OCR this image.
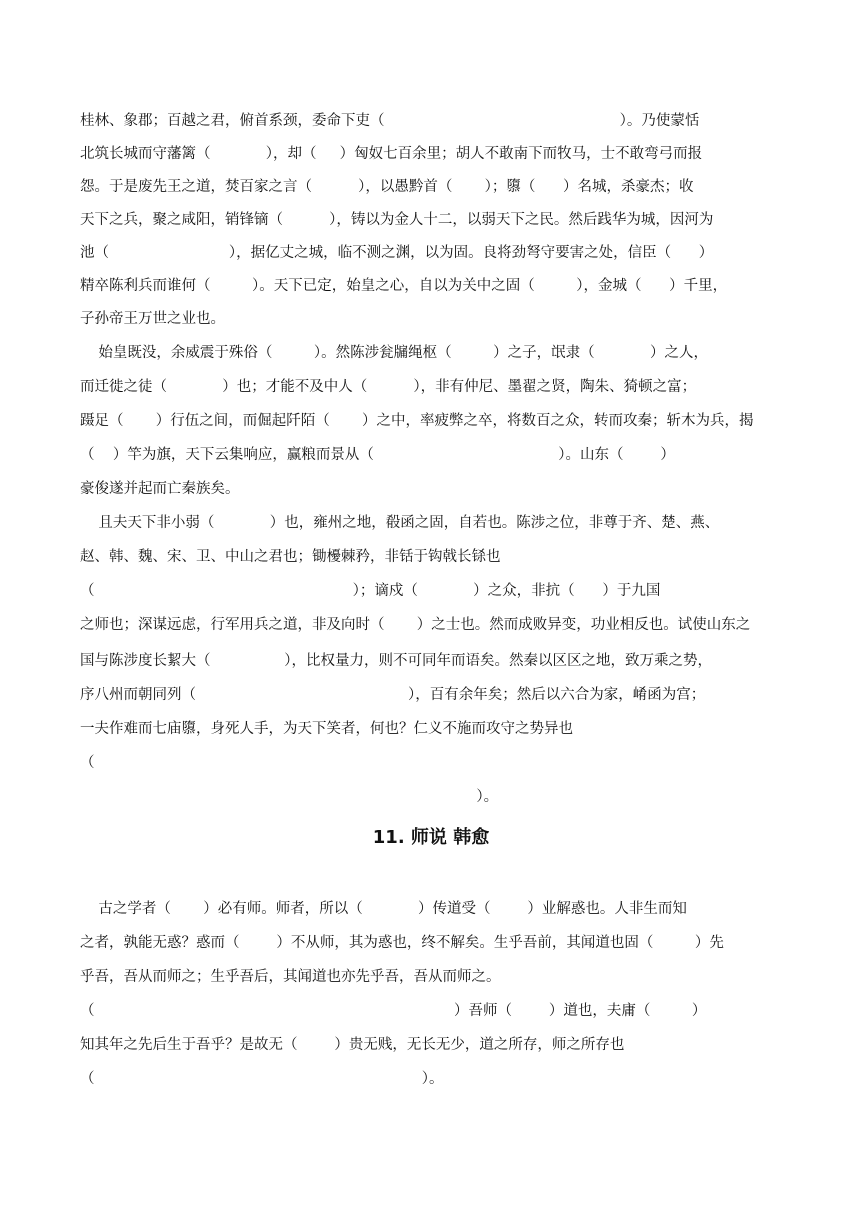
桂林、象郡；百越之君，俯首系颈，委命下吏（                                                   ）。乃使蒙恬
北筑长城而守藩篱（            ），却（     ）匈奴七百余里；胡人不敢南下而牧马，士不敢弯弓而报
怨。于是废先王之道，焚百家之言（          ），以愚黔首（       ）；隳（      ）名城，杀豪杰；收
天下之兵，聚之咸阳，销锋镝（          ），铸以为金人十二，以弱天下之民。然后践华为城，因河为
池（                          ），据亿丈之城，临不测之渊，以为固。良将劲弩守要害之处，信臣（      ）
精卒陈利兵而谁何（         ）。天下已定，始皇之心，自以为关中之固（         ），金城（      ）千里，
子孙帝王万世之业也。
始皇既没，余威震于殊俗（         ）。然陈涉瓮牖绳枢（         ）之子，氓隶（            ）之人，
而迁徙之徒（            ）也；才能不及中人（          ），非有仲尼、墨翟之贤，陶朱、猗顿之富；
蹑足（       ）行伍之间，而倔起阡陌（       ）之中，率疲弊之卒，将数百之众，转而攻秦；斩木为兵，揭
（    ）竿为旗，天下云集响应，赢粮而景从（                                        ）。山东（        ）
豪俊遂并起而亡秦族矣。
且夫天下非小弱（            ）也，雍州之地，殽函之固，自若也。陈涉之位，非尊于齐、楚、燕、
赵、韩、魏、宋、卫、中山之君也；锄櫌棘矜，非铦于钩戟长铩也
（                                                        ）；谪戍（            ）之众，非抗（      ）于九国
之师也；深谋远虑，行军用兵之道，非及向时（       ）之士也。然而成败异变，功业相反也。试使山东之
国与陈涉度长絜大（                ），比权量力，则不可同年而语矣。然秦以区区之地，致万乘之势，
序八州而朝同列（                                              ），百有余年矣；然后以六合为家，崤函为宫；
一夫作难而七庙隳，身死人手，为天下笑者，何也？仁义不施而攻守之势异也
（
）。
11. 师说 韩愈
古之学者（       ）必有师。师者，所以（            ）传道受（        ）业解惑也。人非生而知
之者，孰能无惑？惑而（        ）不从师，其为惑也，终不解矣。生乎吾前，其闻道也固（         ）先
乎吾，吾从而师之；生乎吾后，其闻道也亦先乎吾，吾从而师之。
（                                                                              ）吾师（        ）道也，夫庸（         ）
知其年之先后生于吾乎？是故无（        ）贵无贱，无长无少，道之所存，师之所存也
（                                                                       ）。
